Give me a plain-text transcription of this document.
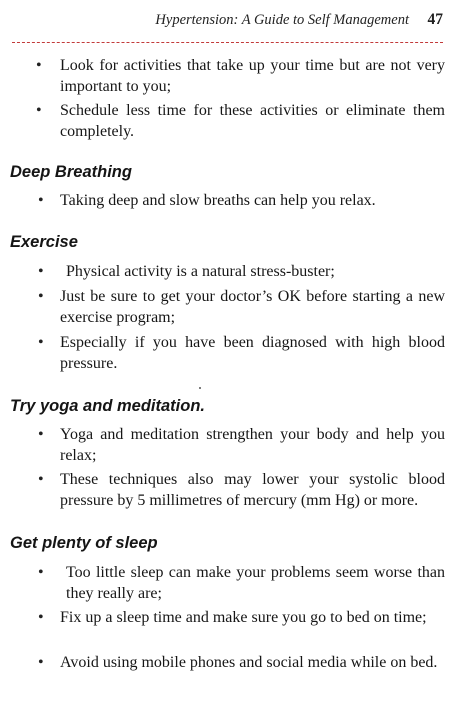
Hypertension: A Guide to Self Management 47
• Look for activities that take up your time but are not very important to you;
• Schedule less time for these activities or eliminate them completely.
Deep Breathing
• Taking deep and slow breaths can help you relax.
Exercise
• Physical activity is a natural stress-buster;
• Just be sure to get your doctor’s OK before starting a new exercise program;
• Especially if you have been diagnosed with high blood pressure.
Try yoga and meditation.
• Yoga and meditation strengthen your body and help you relax;
• These techniques also may lower your systolic blood pressure by 5 millimetres of mercury (mm Hg) or more.
Get plenty of sleep
• Too little sleep can make your problems seem worse than they really are;
• Fix up a sleep time and make sure you go to bed on time;
• Avoid using mobile phones and social media while on bed.
